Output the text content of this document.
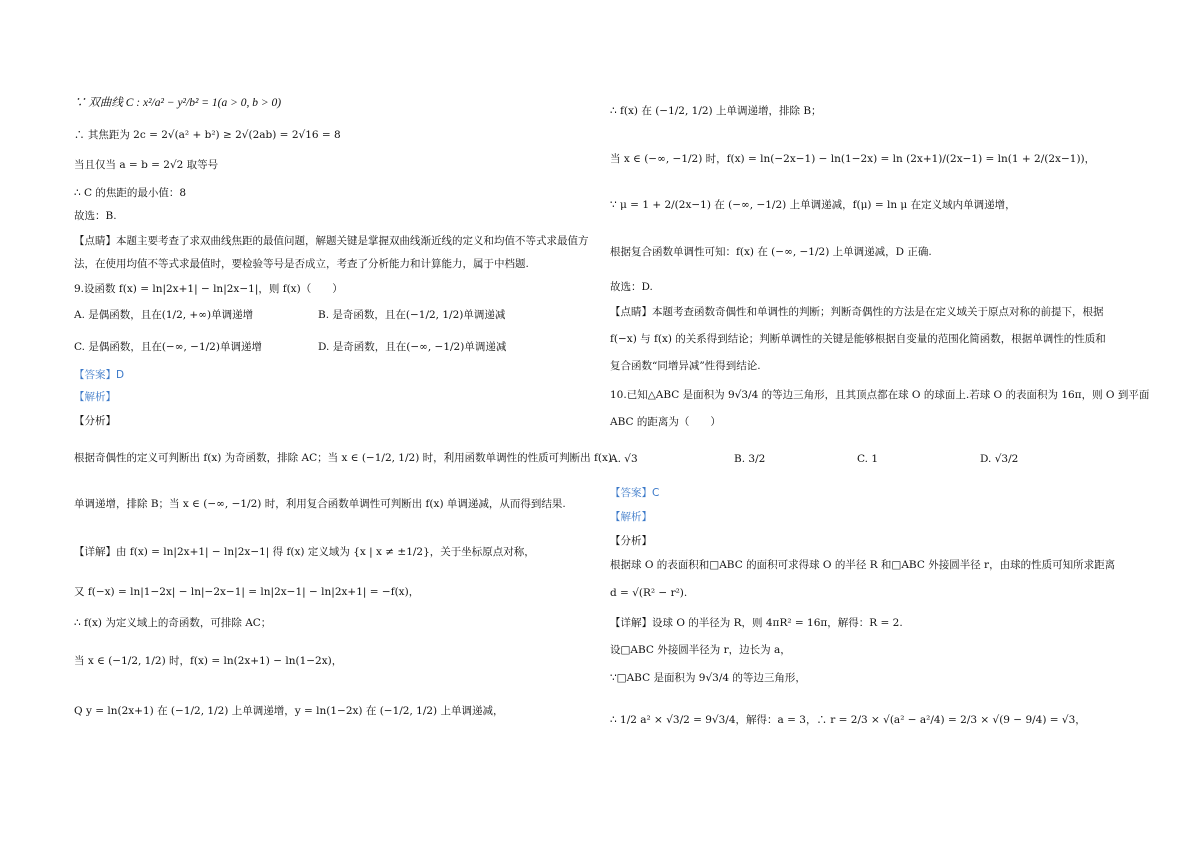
∵ 双曲线 C : x²/a² − y²/b² = 1(a > 0, b > 0)
∴ 其焦距为 2c = 2√(a² + b²) ≥ 2√(2ab) = 2√16 = 8
当且仅当 a = b = 2√2 取等号
∴ C 的焦距的最小值：8
故选：B.
【点睛】本题主要考查了求双曲线焦距的最值问题，解题关键是掌握双曲线渐近线的定义和均值不等式求最值方
法，在使用均值不等式求最值时，要检验等号是否成立，考查了分析能力和计算能力，属于中档题.
9.设函数 f(x) = ln|2x+1| − ln|2x−1|，则 f(x)（　　）
A. 是偶函数，且在(1/2, +∞)单调递增	B. 是奇函数，且在(−1/2, 1/2)单调递减
C. 是偶函数，且在(−∞, −1/2)单调递增	D. 是奇函数，且在(−∞, −1/2)单调递减
【答案】D
【解析】
【分析】
根据奇偶性的定义可判断出 f(x) 为奇函数，排除 AC；当 x ∈ (−1/2, 1/2) 时，利用函数单调性的性质可判断出 f(x)
单调递增，排除 B；当 x ∈ (−∞, −1/2) 时，利用复合函数单调性可判断出 f(x) 单调递减，从而得到结果.
【详解】由 f(x) = ln|2x+1| − ln|2x−1| 得 f(x) 定义域为 {x | x ≠ ±1/2}，关于坐标原点对称，
又 f(−x) = ln|1−2x| − ln|−2x−1| = ln|2x−1| − ln|2x+1| = −f(x)，
∴ f(x) 为定义域上的奇函数，可排除 AC；
当 x ∈ (−1/2, 1/2) 时，f(x) = ln(2x+1) − ln(1−2x)，
Q y = ln(2x+1) 在 (−1/2, 1/2) 上单调递增，y = ln(1−2x) 在 (−1/2, 1/2) 上单调递减，
∴ f(x) 在 (−1/2, 1/2) 上单调递增，排除 B；
当 x ∈ (−∞, −1/2) 时，f(x) = ln(−2x−1) − ln(1−2x) = ln (2x+1)/(2x−1) = ln(1 + 2/(2x−1))，
∵ μ = 1 + 2/(2x−1) 在 (−∞, −1/2) 上单调递减，f(μ) = ln μ 在定义域内单调递增，
根据复合函数单调性可知：f(x) 在 (−∞, −1/2) 上单调递减，D 正确.
故选：D.
【点睛】本题考查函数奇偶性和单调性的判断；判断奇偶性的方法是在定义域关于原点对称的前提下，根据
f(−x) 与 f(x) 的关系得到结论；判断单调性的关键是能够根据自变量的范围化简函数，根据单调性的性质和
复合函数“同增异减”性得到结论.
10.已知△ABC 是面积为 9√3/4 的等边三角形，且其顶点都在球 O 的球面上.若球 O 的表面积为 16π，则 O 到平面
ABC 的距离为（　　）
A. √3	B. 3/2	C. 1	D. √3/2
【答案】C
【解析】
【分析】
根据球 O 的表面积和□ABC 的面积可求得球 O 的半径 R 和□ABC 外接圆半径 r，由球的性质可知所求距离
d = √(R² − r²).
【详解】设球 O 的半径为 R，则 4πR² = 16π，解得：R = 2.
设□ABC 外接圆半径为 r，边长为 a，
∵□ABC 是面积为 9√3/4 的等边三角形，
∴ 1/2 a² × √3/2 = 9√3/4，解得：a = 3，∴ r = 2/3 × √(a² − a²/4) = 2/3 × √(9 − 9/4) = √3，
